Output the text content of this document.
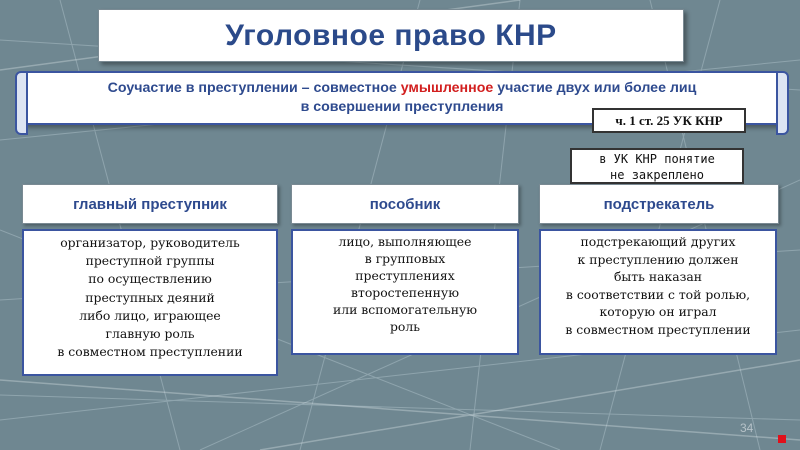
Уголовное право КНР
Соучастие в преступлении – совместное умышленное участие двух или более лиц
в совершении преступления
ч. 1 ст. 25 УК КНР
в УК КНР понятие
не закреплено
главный преступник	пособник	подстрекатель
организатор, руководитель
преступной группы
по осуществлению
преступных деяний
либо лицо, играющее
главную роль
в совместном преступлении
лицо, выполняющее
в групповых
преступлениях
второстепенную
или вспомогательную
роль
подстрекающий других
к преступлению должен
быть наказан
в соответствии с той ролью,
которую он играл
в совместном преступлении
34
